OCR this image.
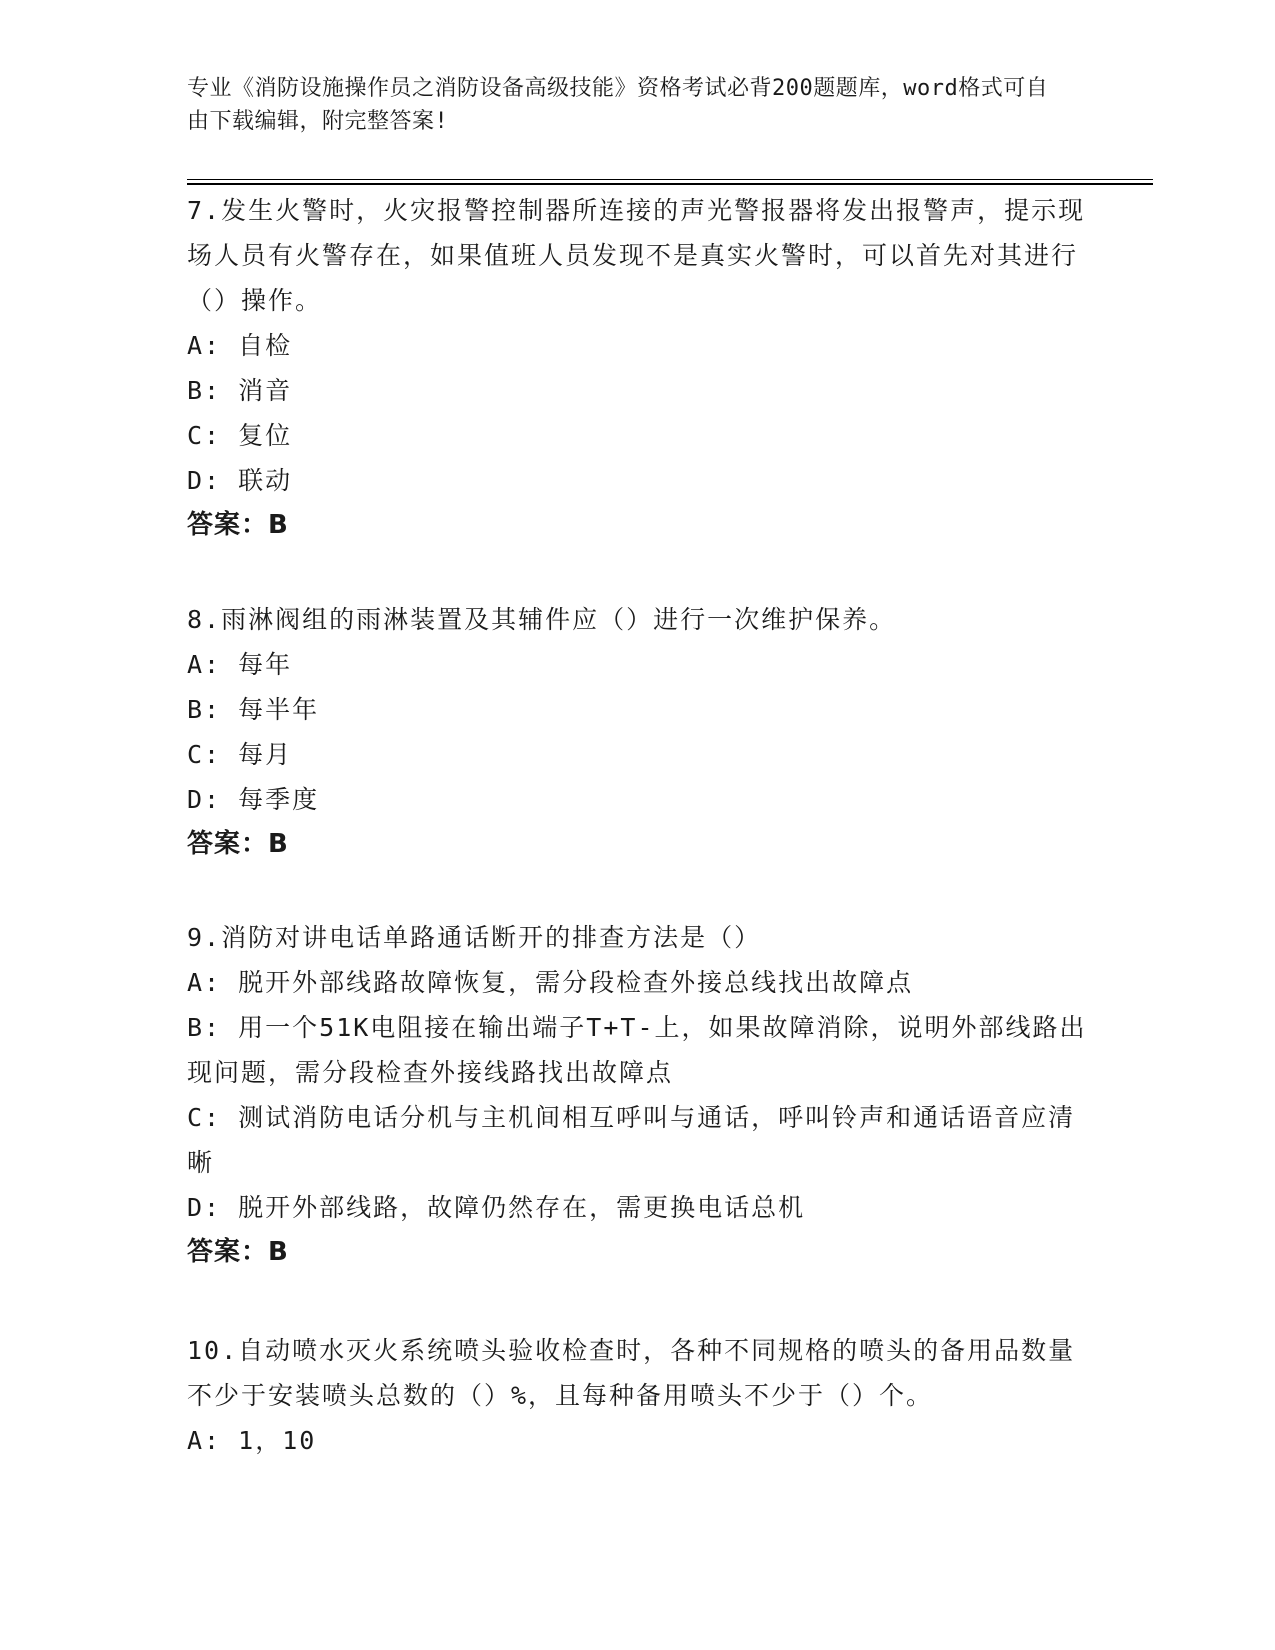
专业《消防设施操作员之消防设备高级技能》资格考试必背200题题库，word格式可自由下载编辑，附完整答案!

7.发生火警时，火灾报警控制器所连接的声光警报器将发出报警声，提示现场人员有火警存在，如果值班人员发现不是真实火警时，可以首先对其进行（）操作。

A: 自检

B: 消音

C: 复位

D: 联动

答案：B

8.雨淋阀组的雨淋装置及其辅件应（）进行一次维护保养。

A: 每年

B: 每半年

C: 每月

D: 每季度

答案：B

9.消防对讲电话单路通话断开的排查方法是（）

A: 脱开外部线路故障恢复，需分段检查外接总线找出故障点

B: 用一个51K电阻接在输出端子T+T-上，如果故障消除，说明外部线路出现问题，需分段检查外接线路找出故障点

C: 测试消防电话分机与主机间相互呼叫与通话，呼叫铃声和通话语音应清晰

D: 脱开外部线路，故障仍然存在，需更换电话总机

答案：B

10.自动喷水灭火系统喷头验收检查时，各种不同规格的喷头的备用品数量不少于安装喷头总数的（）%，且每种备用喷头不少于（）个。

A: 1，10
